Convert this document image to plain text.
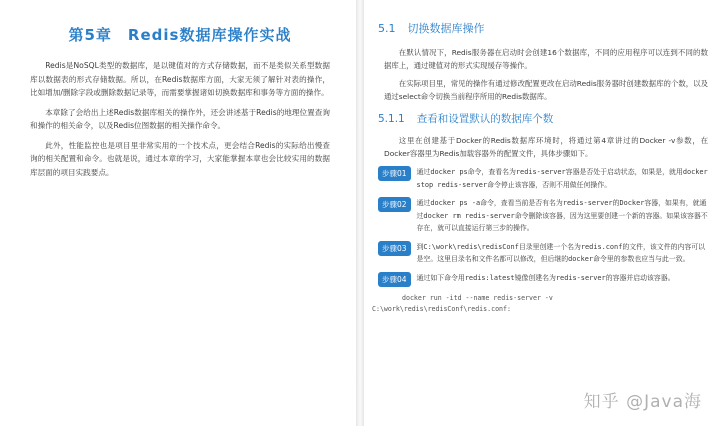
第5章　Redis数据库操作实战

Redis是NoSQL类型的数据库，是以键值对的方式存储数据，而不是类似关系型数据库以数据表的形式存储数据。所以，在Redis数据库方面，大家无须了解针对表的操作，比如增加/删除字段或删除数据记录等，而需要掌握诸如切换数据库和事务等方面的操作。

本章除了会给出上述Redis数据库相关的操作外，还会讲述基于Redis的地理位置查询和操作的相关命令，以及Redis位图数据的相关操作命令。

此外，性能监控也是项目里非常实用的一个技术点，更会结合Redis的实际给出慢查询的相关配置和命令。也就是说，通过本章的学习，大家能掌握本章也会比较实用的数据库层面的项目实践要点。

5.1 切换数据库操作

在默认情况下，Redis服务器在启动时会创建16个数据库，不同的应用程序可以连到不同的数据库上，通过键值对的形式实现缓存等操作。

在实际项目里，常见的操作有通过修改配置更改在启动Redis服务器时创建数据库的个数，以及通过select命令切换当前程序所用的Redis数据库。

5.1.1 查看和设置默认的数据库个数

这里在创建基于Docker的Redis数据库环境时，将通过第4章讲过的Docker -v参数，在Docker容器里为Redis加载容器外的配置文件，具体步骤如下。

步骤01	通过docker ps命令，查看名为redis-server容器是否处于启动状态，如果是，就用docker stop redis-server命令停止该容器，否则不用做任何操作。
步骤02	通过docker ps -a命令，查看当前是否有名为redis-server的Docker容器，如果有，就通过docker rm redis-server命令删除该容器，因为这里要创建一个新的容器。如果该容器不存在，就可以直接运行第三步的操作。
步骤03	到C:\work\redis\redisConf目录里创建一个名为redis.conf的文件，该文件的内容可以是空。这里目录名和文件名都可以修改，但后继的docker命令里的参数也应当与此一致。
步骤04	通过如下命令用redis:latest镜像创建名为redis-server的容器并启动该容器。
docker run -itd --name redis-server -v
C:\work\redis\redisConf\redis.conf:
知乎 @Java海
